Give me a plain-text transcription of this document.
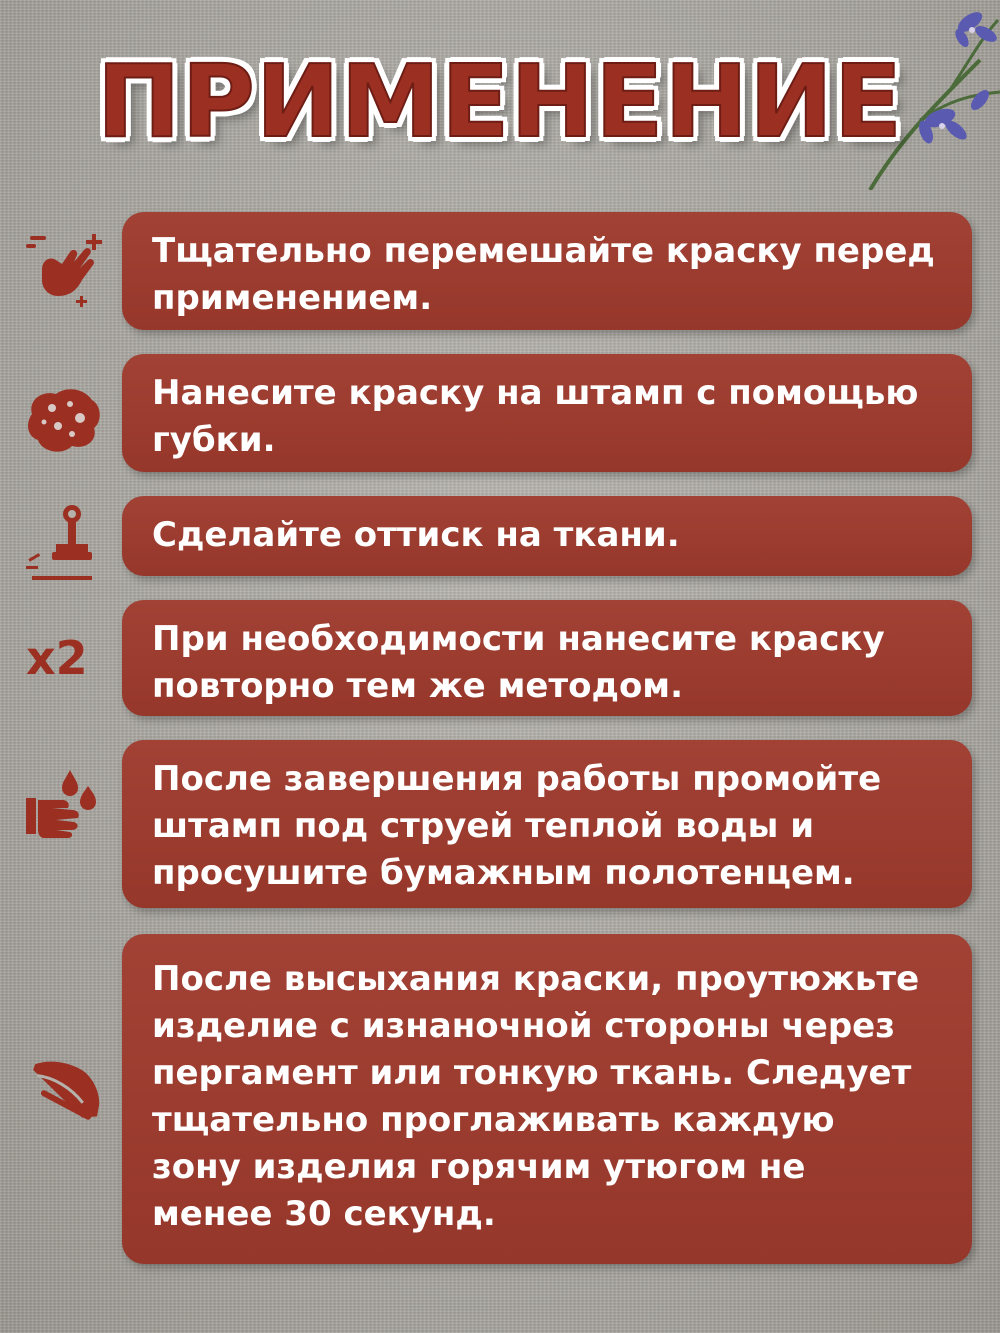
ПРИМЕНЕНИЕ
x2
Тщательно перемешайте краску перед
применением.
Нанесите краску на штамп с помощью
губки.
Сделайте оттиск на ткани.
При необходимости нанесите краску
повторно тем же методом.
После завершения работы промойте
штамп под струей теплой воды и
просушите бумажным полотенцем.
После высыхания краски, проутюжьте
изделие с изнаночной стороны через
пергамент или тонкую ткань. Следует
тщательно проглаживать каждую
зону изделия горячим утюгом не
менее 30 секунд.
